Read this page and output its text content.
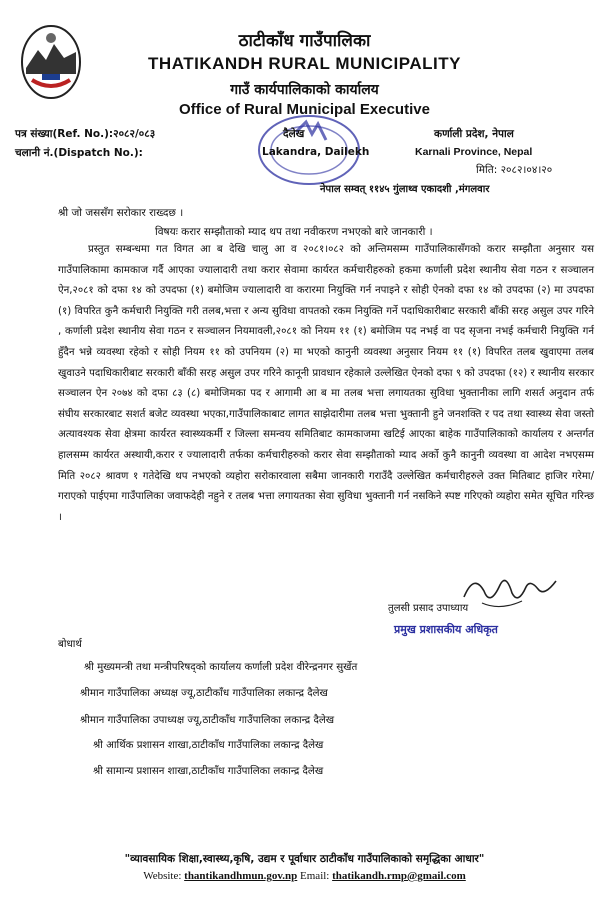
ठाटीकाँध गाउँपालिका
THATIKANDH RURAL MUNICIPALITY
गाउँ कार्यपालिकाको कार्यालय
Office of Rural Municipal Executive
पत्र संख्या(Ref. No.):२०८२/०८३	दैलेख	कर्णाली प्रदेश, नेपाल
चलानी नं.(Dispatch No.):	Lakandra, Dailekh	Karnali Province, Nepal
मिति: २०८२।०४।२०
नेपाल सम्वत् ११४५ गुंलाथ्व एकादशी ,मंगलवार
श्री जो जससँग सरोकार राख्दछ ।
विषयः करार सम्झौताको म्याद थप तथा नवीकरण नभएको बारे जानकारी ।
प्रस्तुत सम्बन्धमा गत विगत आ ब देखि चालु आ व २०८१।०८२ को अन्तिमसम्म गाउँपालिकासँगको करार सम्झौता अनुसार यस गाउँपालिकामा कामकाज गर्दै आएका ज्यालादारी तथा करार सेवामा कार्यरत कर्मचारीहरुको हकमा कर्णाली प्रदेश स्थानीय सेवा गठन र सञ्चालन ऐन,२०८१ को दफा १४ को उपदफा (१) बमोजिम ज्यालादारी वा करारमा नियुक्ति गर्न नपाइने र सोही ऐनको दफा १४ को उपदफा (२) मा उपदफा (१) विपरित कुनै कर्मचारी नियुक्ति गरी तलब,भत्ता र अन्य सुविधा वापतको रकम नियुक्ति गर्ने पदाधिकारीबाट सरकारी बाँकी सरह असुल उपर गरिने , कर्णाली प्रदेश स्थानीय सेवा गठन र सञ्चालन नियमावली,२०८१ को नियम ११ (१) बमोजिम पद नभई वा पद सृजना नभई कर्मचारी नियुक्ति गर्न हुँदैन भन्ने व्यवस्था रहेको र सोही नियम ११ को उपनियम (२) मा भएको कानुनी व्यवस्था अनुसार नियम ११ (१) विपरित तलब खुवाएमा तलब खुवाउने पदाधिकारीबाट सरकारी बाँकी सरह असुल उपर गरिने कानूनी प्रावधान रहेकाले उल्लेखित ऐनको दफा ९ को उपदफा (१२) र स्थानीय सरकार सञ्चालन ऐन २०७४ को दफा ८३ (८) बमोजिमका पद र आगामी आ ब मा तलब भत्ता लगायतका सुविधा भुक्तानीका लागि शसर्त अनुदान तर्फ संघीय सरकारबाट सशर्त बजेट व्यवस्था भएका,गाउँपालिकाबाट लागत साझेदारीमा तलब भत्ता भुक्तानी हुने जनशक्ति र पद तथा स्वास्थ्य सेवा जस्तो अत्यावश्यक सेवा क्षेत्रमा कार्यरत स्वास्थ्यकर्मी र जिल्ला समन्वय समितिबाट कामकाजमा खटिई आएका बाहेक गाउँपालिकाको कार्यालय र अन्तर्गत हालसम्म कार्यरत अस्थायी,करार र ज्यालादारी तर्फका कर्मचारीहरुको करार सेवा सम्झौताको म्याद अर्को कुनै कानुनी व्यवस्था वा आदेश नभएसम्म मिति २०८२ श्रावण १ गतेदेखि थप नभएको व्यहोरा सरोकारवाला सबैमा जानकारी गराउँदै उल्लेखित कर्मचारीहरुले उक्त मितिबाट हाजिर गरेमा/गराएको पाईएमा गाउँपालिका जवाफदेही नहुने र तलब भत्ता लगायतका सेवा सुविधा भुक्तानी गर्न नसकिने स्पष्ट गरिएको व्यहोरा समेत सूचित गरिन्छ ।
तुलसी प्रसाद उपाध्याय
प्रमुख प्रशासकीय अधिकृत
बोधार्थ
श्री मुख्यमन्त्री तथा मन्त्रीपरिषद्को कार्यालय कर्णाली प्रदेश वीरेन्द्रनगर सुर्खेत
श्रीमान गाउँपालिका अध्यक्ष ज्यू,ठाटीकाँध गाउँपालिका लकान्द्र दैलेख
श्रीमान गाउँपालिका उपाध्यक्ष ज्यू,ठाटीकाँध गाउँपालिका लकान्द्र दैलेख
श्री आर्थिक प्रशासन शाखा,ठाटीकाँध गाउँपालिका लकान्द्र दैलेख
श्री सामान्य प्रशासन शाखा,ठाटीकाँध गाउँपालिका लकान्द्र दैलेख
"व्यावसायिक शिक्षा,स्वास्थ्य,कृषि, उद्यम र पूर्वाधार ठाटीकाँध गाउँपालिकाको समृद्धिका आधार"
Website: thantikandhmun.gov.np Email: thatikandh.rmp@gmail.com
